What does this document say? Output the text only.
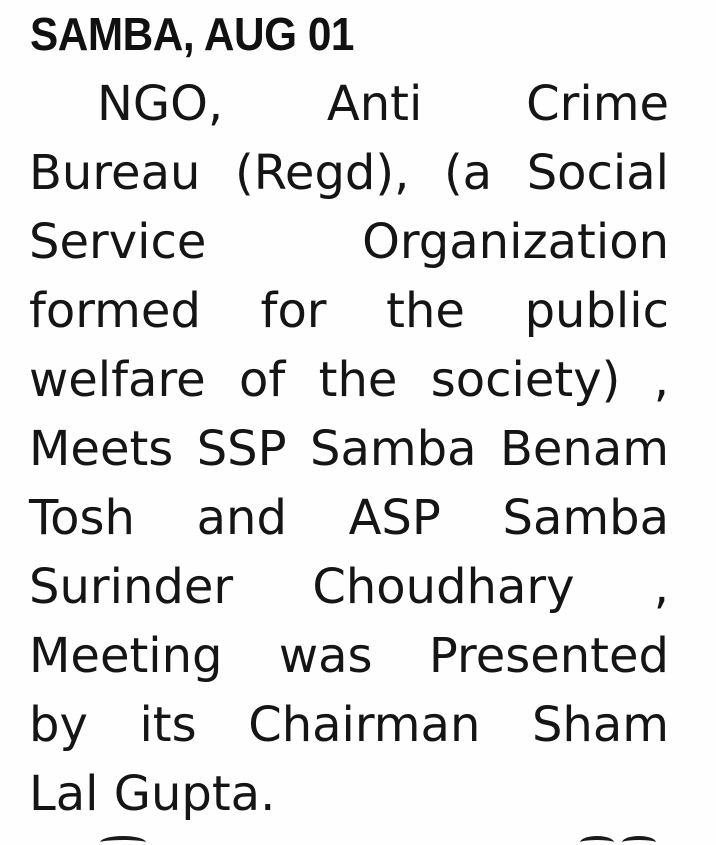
SAMBA, AUG 01
NGO, Anti Crime
Bureau (Regd), (a Social
Service Organization
formed for the public
welfare of the society) ,
Meets SSP Samba Benam
Tosh and ASP Samba
Surinder Choudhary ,
Meeting was Presented
by its Chairman Sham
Lal Gupta.
